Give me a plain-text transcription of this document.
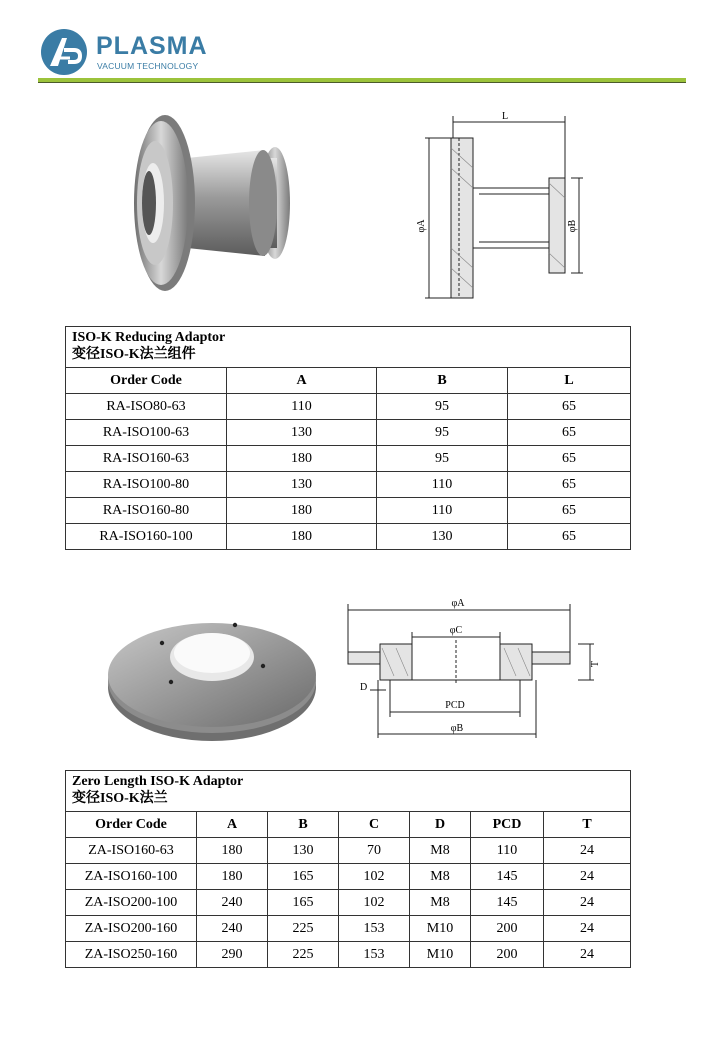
PLASMA
VACUUM TECHNOLOGY
L
φA	φB
ISO-K Reducing Adaptor
变径ISO-K法兰组件			

Order Code	A	B	L
RA-ISO80-63	110	95	65
RA-ISO100-63	130	95	65
RA-ISO160-63	180	95	65
RA-ISO100-80	130	110	65
RA-ISO160-80	180	110	65
RA-ISO160-100	180	130	65
φA
φC
T
D
PCD
φB
Zero Length ISO-K Adaptor
变径ISO-K法兰						

Order Code	A	B	C	D	PCD	T
ZA-ISO160-63	180	130	70	M8	110	24
ZA-ISO160-100	180	165	102	M8	145	24
ZA-ISO200-100	240	165	102	M8	145	24
ZA-ISO200-160	240	225	153	M10	200	24
ZA-ISO250-160	290	225	153	M10	200	24
